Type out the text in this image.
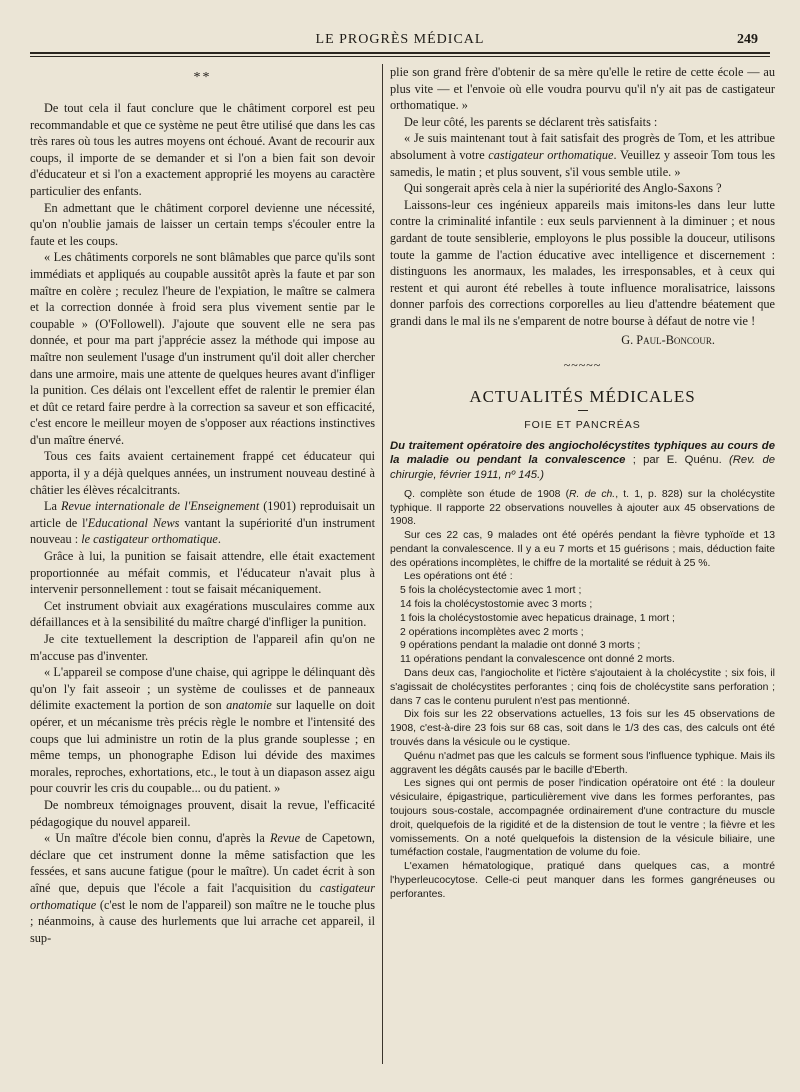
LE PROGRÈS MÉDICAL	249
**

De tout cela il faut conclure que le châtiment corporel est peu recommandable et que ce système ne peut être utilisé que dans les cas très rares où tous les autres moyens ont échoué. Avant de recourir aux coups, il importe de se demander et si l'on a bien fait son devoir d'éducateur et si l'on a exactement approprié les moyens au caractère particulier des enfants.

En admettant que le châtiment corporel devienne une nécessité, qu'on n'oublie jamais de laisser un certain temps s'écouler entre la faute et les coups.

« Les châtiments corporels ne sont blâmables que parce qu'ils sont immédiats et appliqués au coupable aussitôt après la faute et par son maître en colère ; reculez l'heure de l'expiation, le maître se calmera et la correction donnée à froid sera plus vivement sentie par le coupable » (O'Followell). J'ajoute que souvent elle ne sera pas donnée, et pour ma part j'apprécie assez la méthode qui impose au maître non seulement l'usage d'un instrument qu'il doit aller chercher dans une armoire, mais une attente de quelques heures avant d'infliger la punition. Ces délais ont l'excellent effet de ralentir le premier élan et dût ce retard faire perdre à la correction sa saveur et son efficacité, c'est encore le meilleur moyen de s'opposer aux réactions instinctives d'un maître énervé.

Tous ces faits avaient certainement frappé cet éducateur qui apporta, il y a déjà quelques années, un instrument nouveau destiné à châtier les élèves récalcitrants.

La Revue internationale de l'Enseignement (1901) reproduisait un article de l'Educational News vantant la supériorité d'un instrument nouveau : le castigateur orthomatique.

Grâce à lui, la punition se faisait attendre, elle était exactement proportionnée au méfait commis, et l'éducateur n'avait plus à intervenir personnellement : tout se faisait mécaniquement.

Cet instrument obviait aux exagérations musculaires comme aux défaillances et à la sensibilité du maître chargé d'infliger la punition.

Je cite textuellement la description de l'appareil afin qu'on ne m'accuse pas d'inventer.

« L'appareil se compose d'une chaise, qui agrippe le délinquant dès qu'on l'y fait asseoir ; un système de coulisses et de panneaux délimite exactement la portion de son anatomie sur laquelle on doit opérer, et un mécanisme très précis règle le nombre et l'intensité des coups que lui administre un rotin de la plus grande souplesse ; en même temps, un phonographe Edison lui dévide des maximes morales, reproches, exhortations, etc., le tout à un diapason assez aigu pour couvrir les cris du coupable... ou du patient. »

De nombreux témoignages prouvent, disait la revue, l'efficacité pédagogique du nouvel appareil.

« Un maître d'école bien connu, d'après la Revue de Capetown, déclare que cet instrument donne la même satisfaction que les fessées, et sans aucune fatigue (pour le maître). Un cadet écrit à son aîné que, depuis que l'école a fait l'acquisition du castigateur orthomatique (c'est le nom de l'appareil) son maître ne le touche plus ; néanmoins, à cause des hurlements que lui arrache cet appareil, il sup-

plie son grand frère d'obtenir de sa mère qu'elle le retire de cette école — au plus vite — et l'envoie où elle voudra pourvu qu'il n'y ait pas de castigateur orthomatique. »

De leur côté, les parents se déclarent très satisfaits :

« Je suis maintenant tout à fait satisfait des progrès de Tom, et les attribue absolument à votre castigateur orthomatique. Veuillez y asseoir Tom tous les samedis, le matin ; et plus souvent, s'il vous semble utile. »

Qui songerait après cela à nier la supériorité des Anglo-Saxons ?

Laissons-leur ces ingénieux appareils mais imitons-les dans leur lutte contre la criminalité infantile : eux seuls parviennent à la diminuer ; et nous gardant de toute sensiblerie, employons le plus possible la douceur, utilisons toute la gamme de l'action éducative avec intelligence et discernement : distinguons les anormaux, les malades, les irresponsables, et à ceux qui restent et qui auront été rebelles à toute influence moralisatrice, laissons donner parfois des corrections corporelles au lieu d'attendre béatement que grandi dans le mal ils ne s'emparent de notre bourse à défaut de notre vie !

G. Paul-Boncour.
~~~~~
ACTUALITÉS MÉDICALES
FOIE ET PANCRÉAS

Du traitement opératoire des angiocholécystites typhiques au cours de la maladie ou pendant la convalescence ; par E. Quénu. (Rev. de chirurgie, février 1911, nº 145.)

Q. complète son étude de 1908 (R. de ch., t. 1, p. 828) sur la cholécystite typhique. Il rapporte 22 observations nouvelles à ajouter aux 45 observations de 1908.

Sur ces 22 cas, 9 malades ont été opérés pendant la fièvre typhoïde et 13 pendant la convalescence. Il y a eu 7 morts et 15 guérisons ; mais, déduction faite des opérations incomplètes, le chiffre de la mortalité se réduit à 25 %.

Les opérations ont été :

5 fois la cholécystectomie avec 1 mort ;
14 fois la cholécystostomie avec 3 morts ;
1 fois la cholécystostomie avec hepaticus drainage, 1 mort ;
2 opérations incomplètes avec 2 morts ;
9 opérations pendant la maladie ont donné 3 morts ;
11 opérations pendant la convalescence ont donné 2 morts.

Dans deux cas, l'angiocholite et l'ictère s'ajoutaient à la cholécystite ; six fois, il s'agissait de cholécystites perforantes ; cinq fois de cholécystite sans perforation ; dans 7 cas le contenu purulent n'est pas mentionné.

Dix fois sur les 22 observations actuelles, 13 fois sur les 45 observations de 1908, c'est-à-dire 23 fois sur 68 cas, soit dans le 1/3 des cas, des calculs ont été trouvés dans la vésicule ou le cystique.

Quénu n'admet pas que les calculs se forment sous l'influence typhique. Mais ils aggravent les dégâts causés par le bacille d'Eberth.

Les signes qui ont permis de poser l'indication opératoire ont été : la douleur vésiculaire, épigastrique, particulièrement vive dans les formes perforantes, pas toujours sous-costale, accompagnée ordinairement d'une contracture du muscle droit, quelquefois de la rigidité et de la distension de tout le ventre ; la fièvre et les vomissements. On a noté quelquefois la distension de la vésicule biliaire, une tuméfaction costale, l'augmentation de volume du foie.

L'examen hématologique, pratiqué dans quelques cas, a montré l'hyperleucocytose. Celle-ci peut manquer dans les formes gangréneuses ou perforantes.
